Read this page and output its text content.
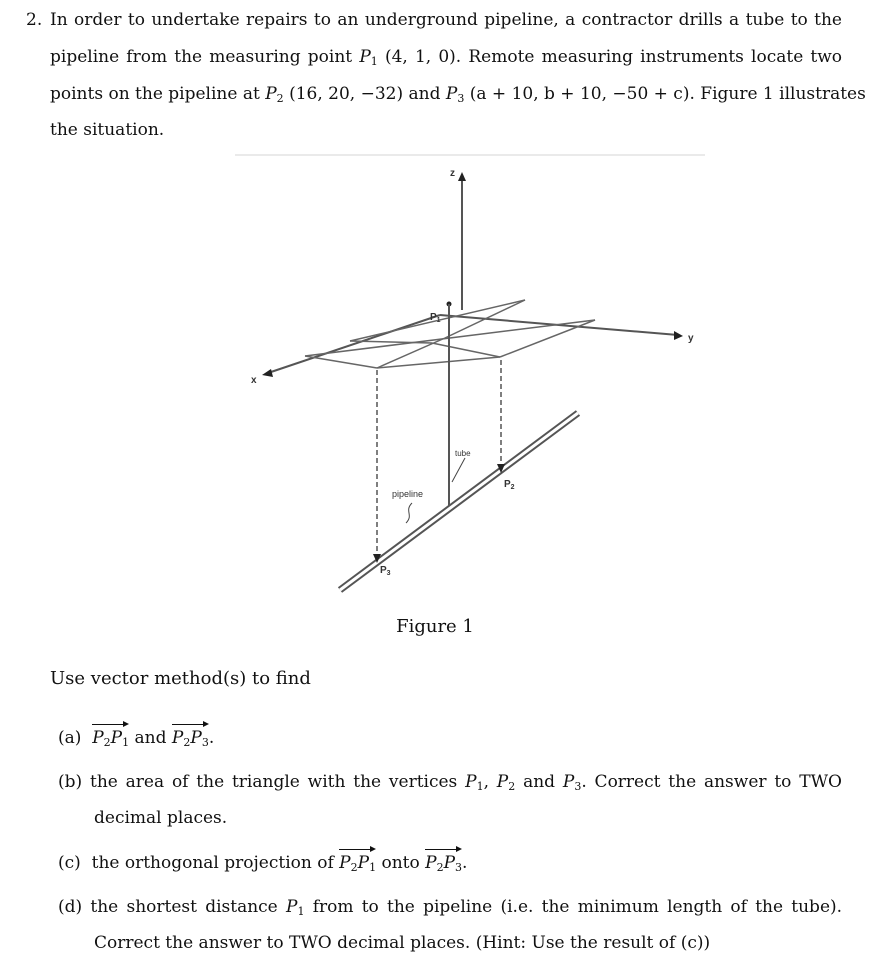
2. In order to undertake repairs to an underground pipeline, a contractor drills a tube to the
pipeline from the measuring point $P_1$ (4, 1, 0). Remote measuring instruments locate two
points on the pipeline at $P_2$ (16, 20, −32) and $P_3$ (a + 10, b + 10, −50 + c). Figure 1 illustrates
the situation.
z
y
x
$P_1$
tube
$P_2$
$P_3$
pipeline
Figure 1
Use vector method(s) to find
(a) $P_2P_1$ and $P_2P_3$.
(b) the area of the triangle with the vertices $P_1$, $P_2$ and $P_3$. Correct the answer to TWO
decimal places.
(c) the orthogonal projection of $P_2P_1$ onto $P_2P_3$.
(d) the shortest distance $P_1$ from to the pipeline (i.e. the minimum length of the tube).
Correct the answer to TWO decimal places. (Hint: Use the result of (c))
